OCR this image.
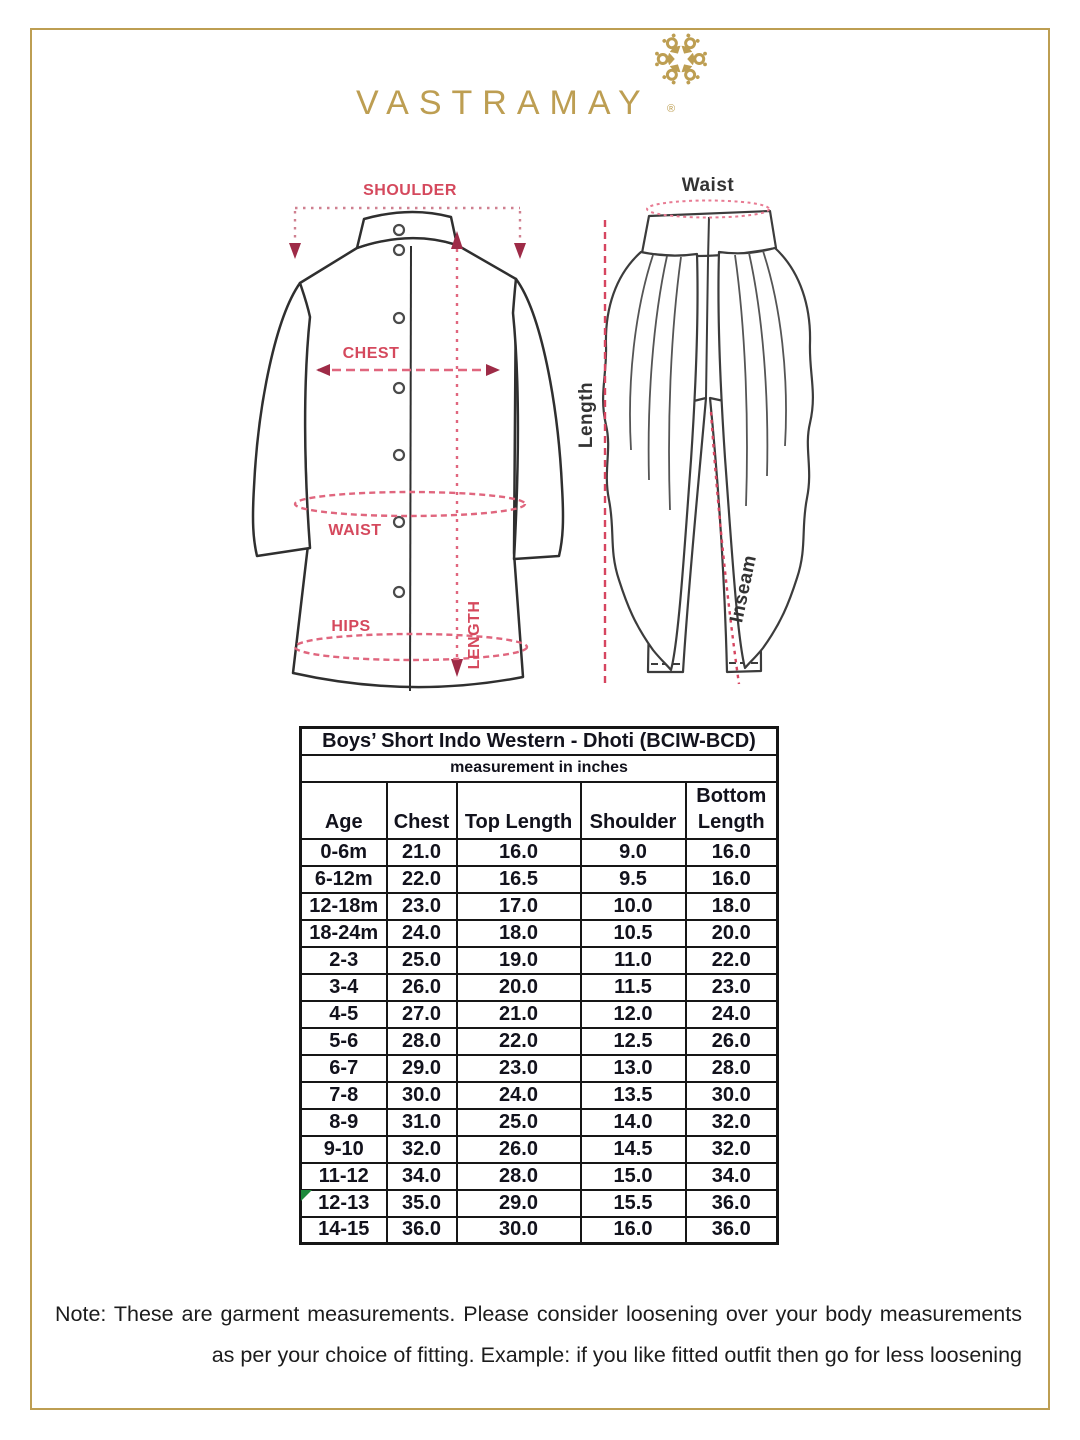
VASTRAMAY ®
SHOULDER
CHEST
WAIST
HIPS	LENGTH
Waist
Length
Inseam
Boys’ Short Indo Western - Dhoti (BCIW-BCD)				
measurement in inches				
Age	Chest	Top Length	Shoulder	Bottom Length
0-6m	21.0	16.0	9.0	16.0
6-12m	22.0	16.5	9.5	16.0
12-18m	23.0	17.0	10.0	18.0
18-24m	24.0	18.0	10.5	20.0
2-3	25.0	19.0	11.0	22.0
3-4	26.0	20.0	11.5	23.0
4-5	27.0	21.0	12.0	24.0
5-6	28.0	22.0	12.5	26.0
6-7	29.0	23.0	13.0	28.0
7-8	30.0	24.0	13.5	30.0
8-9	31.0	25.0	14.0	32.0
9-10	32.0	26.0	14.5	32.0
11-12	34.0	28.0	15.0	34.0
12-13	35.0	29.0	15.5	36.0
14-15	36.0	30.0	16.0	36.0
Note: These are garment measurements. Please consider loosening over your body measurements
as per your choice of fitting. Example: if you like fitted outfit then go for less loosening
